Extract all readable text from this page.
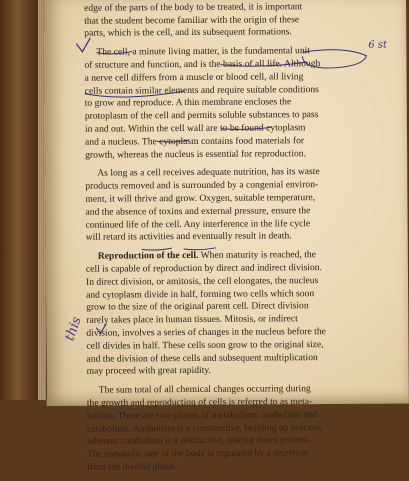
edge of the parts of the body to be treated, it is important
that the student become familiar with the origin of these
parts, which is the cell, and its subsequent formations.

The cell, a minute living matter, is the fundamental unit
of structure and function, and is the basis of all life. Although
a nerve cell differs from a muscle or blood cell, all living
cells contain similar elements and require suitable conditions
to grow and reproduce. A thin membrane encloses the
protoplasm of the cell and permits soluble substances to pass
in and out. Within the cell wall are to be found cytoplasm
and a nucleus. The cytoplasm contains food materials for
growth, whereas the nucleus is essential for reproduction.

As long as a cell receives adequate nutrition, has its waste
products removed and is surrounded by a congenial environ-
ment, it will thrive and grow. Oxygen, suitable temperature,
and the absence of toxins and external pressure, ensure the
continued life of the cell. Any interference in the life cycle
will retard its activities and eventually result in death.

Reproduction of the cell. When maturity is reached, the
cell is capable of reproduction by direct and indirect division.
In direct division, or amitosis, the cell elongates, the nucleus
and cytoplasm divide in half, forming two cells which soon
grow to the size of the original parent cell. Direct division
rarely takes place in human tissues. Mitosis, or indirect
division, involves a series of changes in the nucleus before the
cell divides in half. These cells soon grow to the original size,
and the division of these cells and subsequent multiplication
may proceed with great rapidity.

The sum total of all chemical changes occurring during
the growth and reproduction of cells is referred to as meta-
bolism. There are two phases of metabolism; anabolism and
catabolism. Anabolism is a constructive, building up process,
whereas catabolism is a destructive, tearing down process.
The metabolic rate of the body is regulated by a secretion
from the thyroid gland.

6 st
this
